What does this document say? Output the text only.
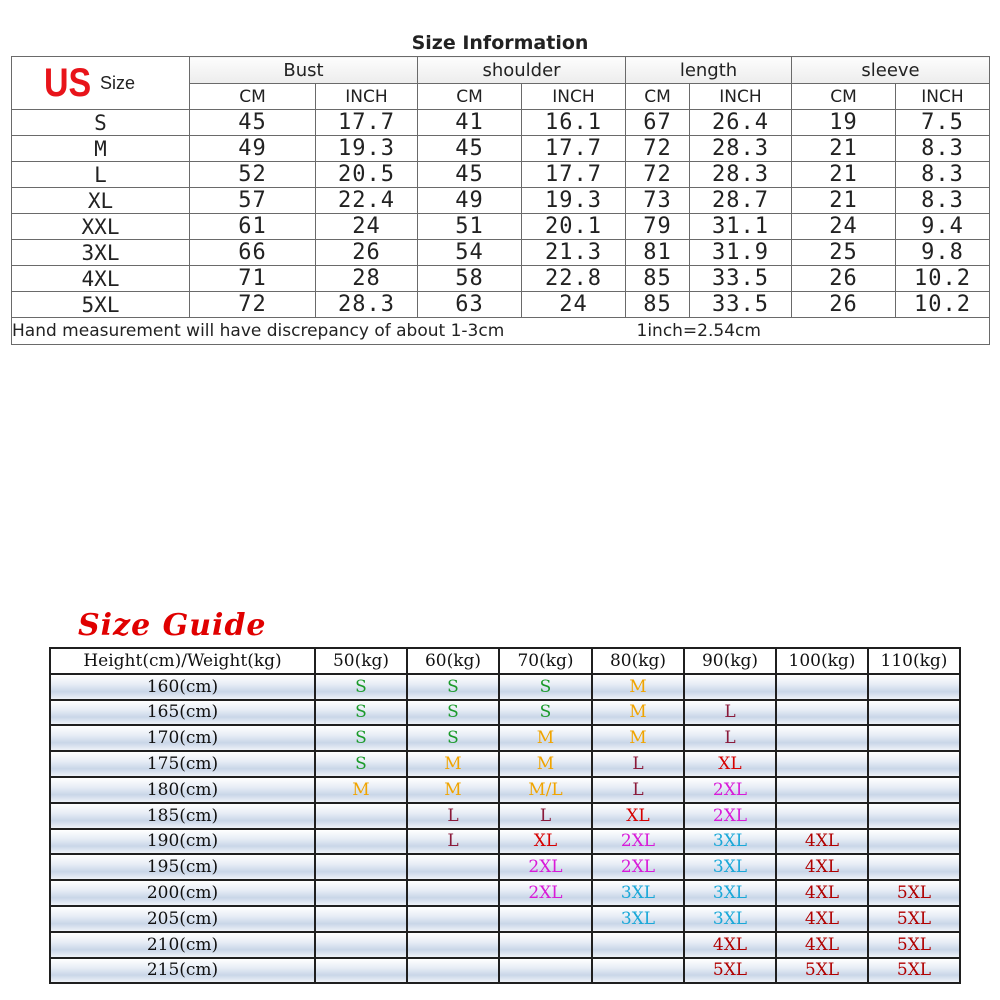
Size Information
US Size	Bust		shoulder		length		sleeve	
	CM	INCH	CM	INCH	CM	INCH	CM	INCH
S	45	17.7	41	16.1	67	26.4	19	7.5
M	49	19.3	45	17.7	72	28.3	21	8.3
L	52	20.5	45	17.7	72	28.3	21	8.3
XL	57	22.4	49	19.3	73	28.7	21	8.3
XXL	61	24	51	20.1	79	31.1	24	9.4
3XL	66	26	54	21.3	81	31.9	25	9.8
4XL	71	28	58	22.8	85	33.5	26	10.2
5XL	72	28.3	63	24	85	33.5	26	10.2
Hand measurement will have discrepancy of about 1-3cm 1inch=2.54cm								
Size Guide
Height(cm)/Weight(kg)	50(kg)	60(kg)	70(kg)	80(kg)	90(kg)	100(kg)	110(kg)
160(cm)	S	S	S	M			
165(cm)	S	S	S	M	L		
170(cm)	S	S	M	M	L		
175(cm)	S	M	M	L	XL		
180(cm)	M	M	M/L	L	2XL		
185(cm)		L	L	XL	2XL		
190(cm)		L	XL	2XL	3XL	4XL	
195(cm)			2XL	2XL	3XL	4XL	
200(cm)			2XL	3XL	3XL	4XL	5XL
205(cm)				3XL	3XL	4XL	5XL
210(cm)					4XL	4XL	5XL
215(cm)					5XL	5XL	5XL
